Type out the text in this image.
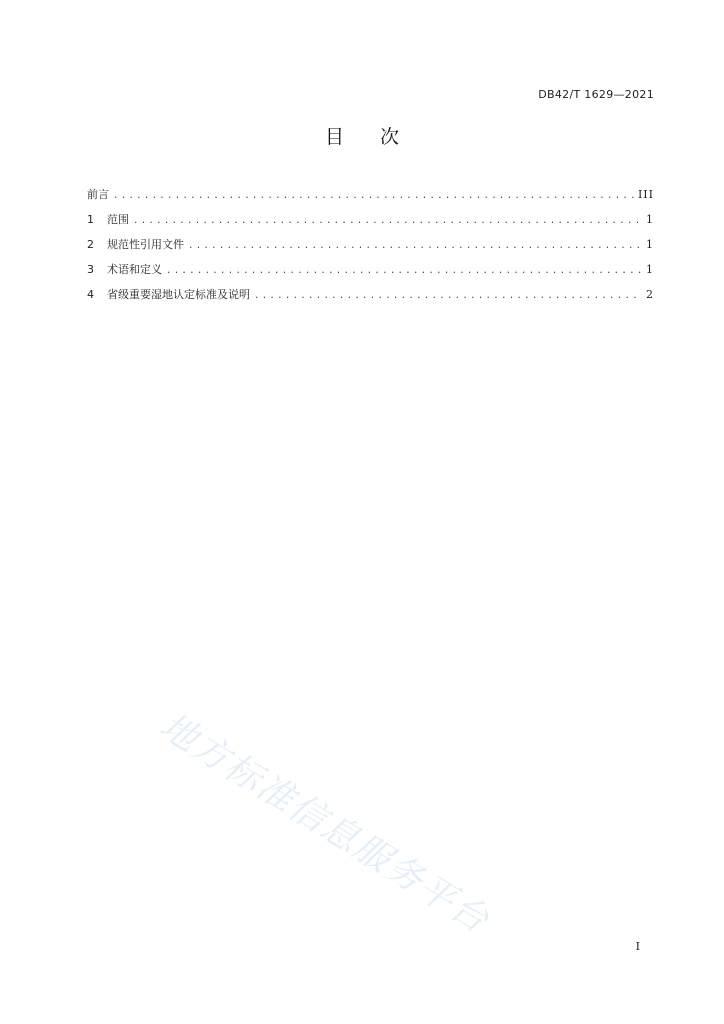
DB42/T 1629—2021
目次
前言 .....	III
1	范围 .....	1
2	规范性引用文件 .....	1
3	术语和定义 .....	1
4	省级重要湿地认定标准及说明 .....	2
地方标准信息服务平台
I
